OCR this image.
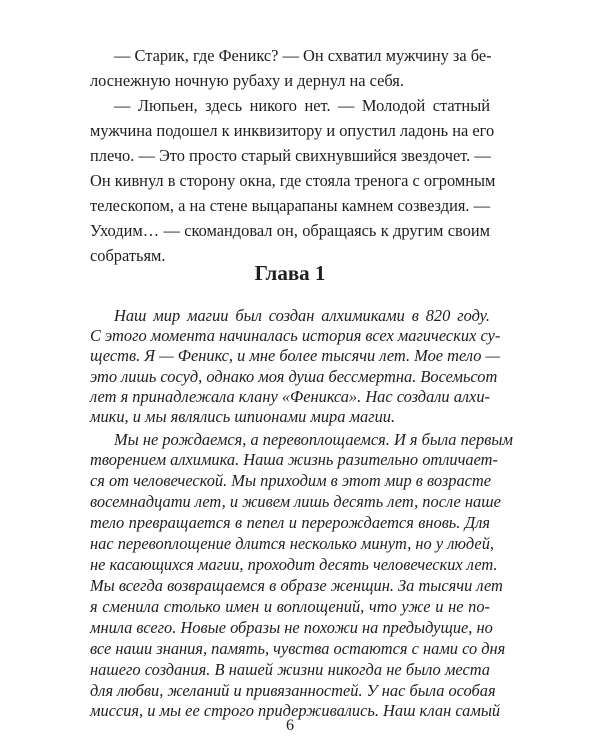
— Старик, где Феникс? — Он схватил мужчину за бе-
лоснежную ночную рубаху и дернул на себя.
— Люпьен, здесь никого нет. — Молодой статный
мужчина подошел к инквизитору и опустил ладонь на его
плечо. — Это просто старый свихнувшийся звездочет. —
Он кивнул в сторону окна, где стояла тренога с огромным
телескопом, а на стене выцарапаны камнем созвездия. —
Уходим… — скомандовал он, обращаясь к другим своим
собратьям.
Глава 1
Наш мир магии был создан алхимиками в 820 году.
С этого момента начиналась история всех магических су-
ществ. Я — Феникс, и мне более тысячи лет. Мое тело —
это лишь сосуд, однако моя душа бессмертна. Восемьсот
лет я принадлежала клану «Феникса». Нас создали алхи-
мики, и мы являлись шпионами мира магии.
Мы не рождаемся, а перевоплощаемся. И я была первым
творением алхимика. Наша жизнь разительно отличает-
ся от человеческой. Мы приходим в этот мир в возрасте
восемнадцати лет, и живем лишь десять лет, после наше
тело превращается в пепел и перерождается вновь. Для
нас перевоплощение длится несколько минут, но у людей,
не касающихся магии, проходит десять человеческих лет.
Мы всегда возвращаемся в образе женщин. За тысячи лет
я сменила столько имен и воплощений, что уже и не по-
мнила всего. Новые образы не похожи на предыдущие, но
все наши знания, память, чувства остаются с нами со дня
нашего создания. В нашей жизни никогда не было места
для любви, желаний и привязанностей. У нас была особая
миссия, и мы ее строго придерживались. Наш клан самый
6
